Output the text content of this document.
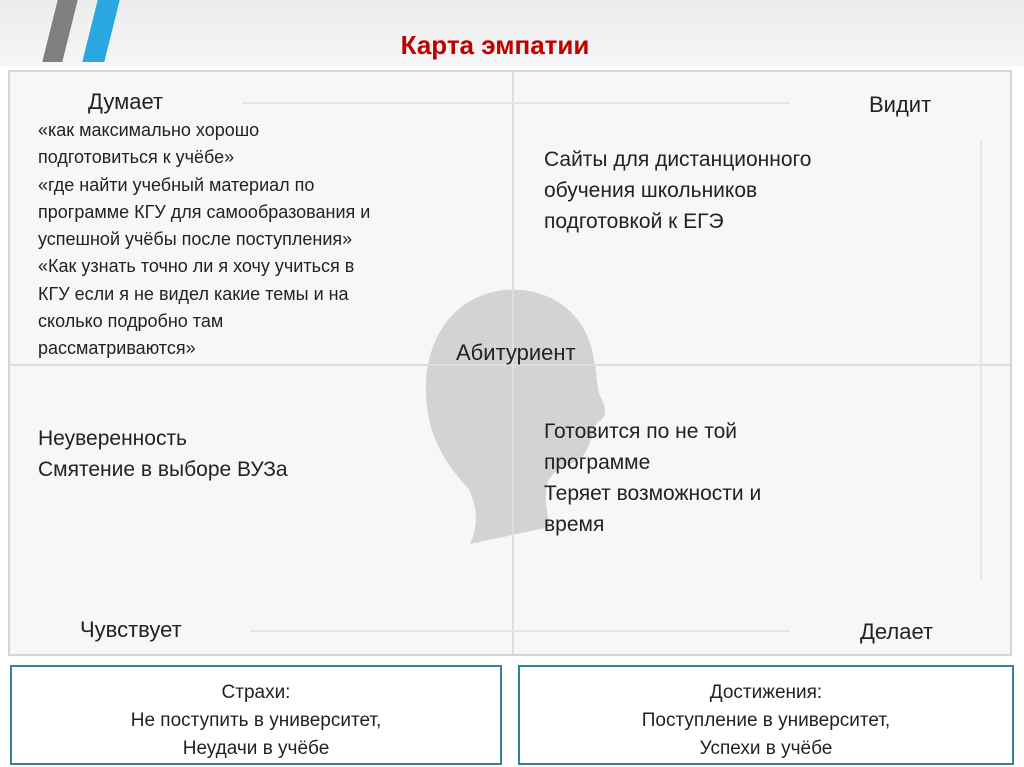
Карта эмпатии
Думает
«как максимально хорошо
подготовиться к учёбе»
«где найти учебный материал по
программе КГУ для самообразования и
успешной учёбы после поступления»
«Как узнать точно ли я хочу учиться в
КГУ если я не видел какие темы и на
сколько подробно там
рассматриваются»
Видит
Сайты для дистанционного
обучения школьников
подготовкой к ЕГЭ
Абитуриент
Неуверенность
Смятение в выборе ВУЗа
Чувствует
Готовится по не той
программе
Теряет возможности и
время
Делает
Страхи:
Не поступить в университет,
Неудачи в учёбе
Достижения:
Поступление в университет,
Успехи в учёбе
